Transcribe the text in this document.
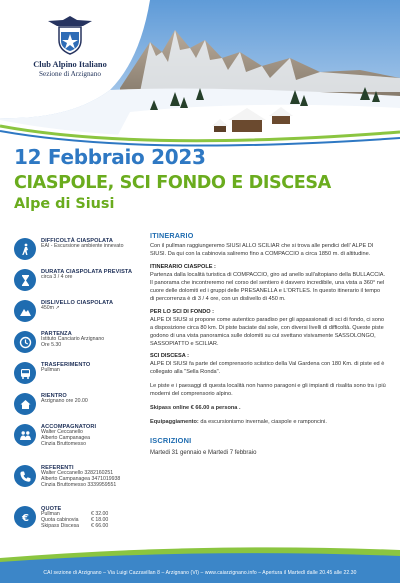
Club Alpino Italiano
Sezione di Arzignano
12 Febbraio 2023
CIASPOLE, SCI FONDO E DISCESA
Alpe di Siusi
DIFFICOLTÀ CIASPOLATA
EAI - Escursione ambiente innevato
DURATA CIASPOLATA PREVISTA
circa 3 / 4 ore
DISLIVELLO CIASPOLATA
450m ↗
PARTENZA
Istituto Canciario Arzignano
Ore 5.30
TRASFERIMENTO
Pullman
RIENTRO
Arzignano ore 20.00
ACCOMPAGNATORI
Walter Ceccanello
Alberto Campanagea
Cinzia Bruttomesso
REFERENTI
Walter Ceccanello 3282160251
Alberto Campanagea 3471019938
Cinzia Bruttomesso 3339959551
€
QUOTE
Pullman	€ 32.00
Quota cabinovia	€ 18.00
Skipass Discesa	€ 66.00
ITINERARIO
Con il pullman raggiungeremo SIUSI ALLO SCILIAR che si trova alle pendici dell' ALPE DI SIUSI. Da qui con la cabinovia saliremo fino a COMPACCIO a circa 1850 m. di altitudine.
ITINERARIO CIASPOLE :
Partenza dalla località turistica di COMPACCIO, giro ad anello sull'altopiano della BULLACCIA. Il panorama che incontreremo nel corso del sentiero è davvero incredibile, una vista a 360° nel cuore delle dolomiti ed i gruppi delle PRESANELLA e L'ORTLES. In questo itinerario il tempo di percorrenza è di 3 / 4 ore, con un dislivello di 450 m.
PER LO SCI DI FONDO :
ALPE DI SIUSI si propone come autentico paradiso per gli appassionati di sci di fondo, ci sono a disposizione circa 80 km. Di piste baciate dal sole, con diversi livelli di difficoltà. Queste piste godono di una vista panoramica sulle dolomiti su cui svettano visivamente SASSOLONGO, SASSOPIATTO e SCILIAR.
SCI DISCESA :
ALPE DI SIUSI fa parte del comprensorio sciistico della Val Gardena con 180 Km. di piste ed è collegato alla "Sella Ronda".
Le piste e i paesaggi di questa località non hanno paragoni e gli impianti di risalita sono tra i più moderni del comprensorio alpino.
Skipass online € 66.00 a persona .
Equipaggiamento: da escursionismo invernale, ciaspole e ramponcini.
ISCRIZIONI
Martedi 31 gennaio e Martedi 7 febbraio
CAI sezione di Arzignano – Via Luigi Cazzavillan 8 – Arzignano (VI) – www.caiarzignano.info – Apertura il Martedì dalle 20.45 alle 22.30
